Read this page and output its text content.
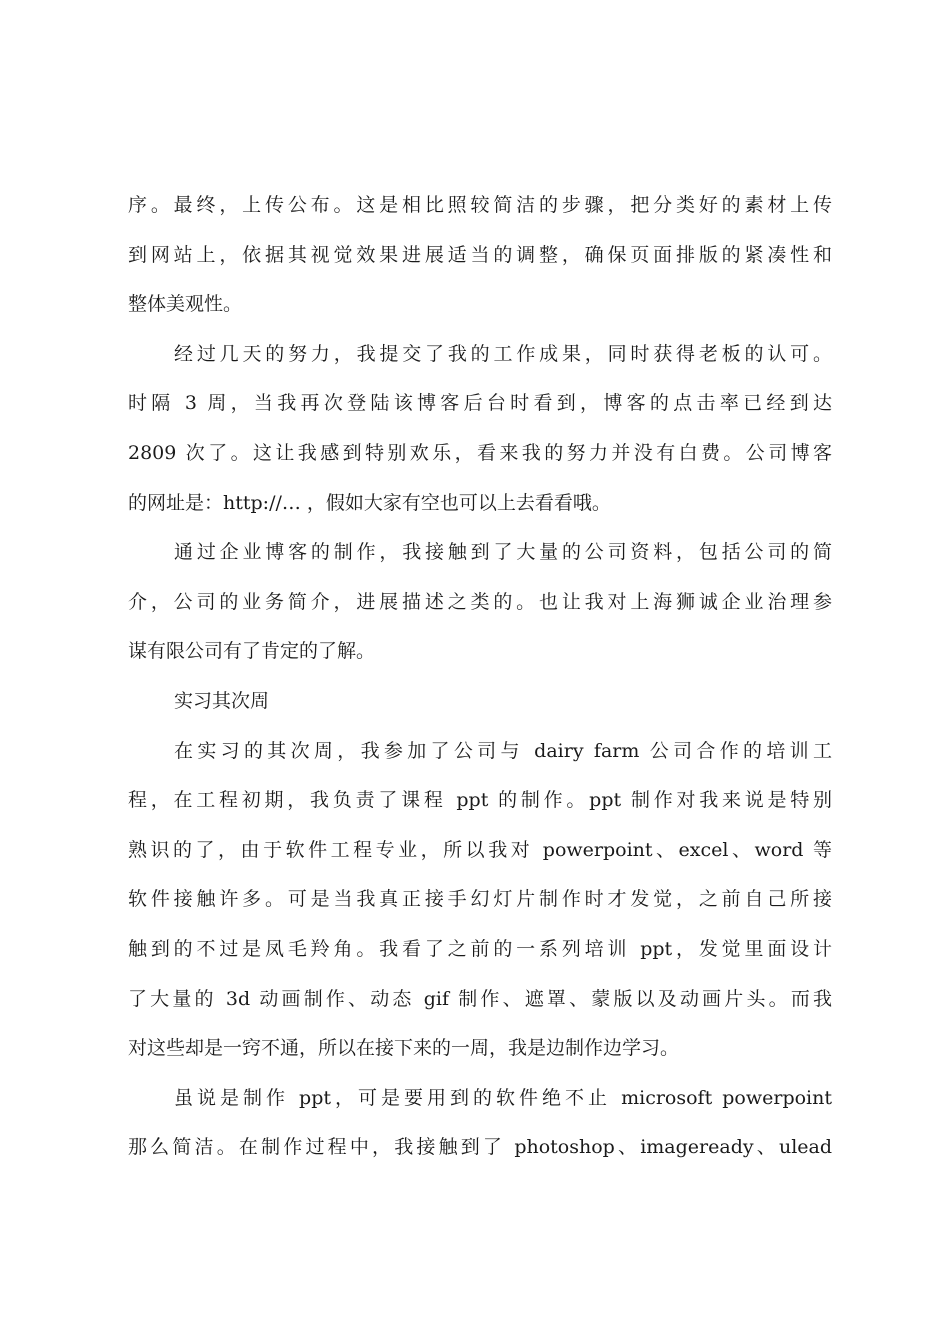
序。最终，上传公布。这是相比照较简洁的步骤，把分类好的素材上传
到网站上，依据其视觉效果进展适当的调整，确保页面排版的紧凑性和
整体美观性。
经过几天的努力，我提交了我的工作成果，同时获得老板的认可。
时隔 3 周，当我再次登陆该博客后台时看到，博客的点击率已经到达
2809 次了。这让我感到特别欢乐，看来我的努力并没有白费。公司博客
的网址是：http://… ，假如大家有空也可以上去看看哦。
通过企业博客的制作，我接触到了大量的公司资料，包括公司的简
介，公司的业务简介，进展描述之类的。也让我对上海狮诚企业治理参
谋有限公司有了肯定的了解。
实习其次周
在实习的其次周，我参加了公司与 dairy farm 公司合作的培训工
程，在工程初期，我负责了课程 ppt 的制作。ppt 制作对我来说是特别
熟识的了，由于软件工程专业，所以我对 powerpoint、excel、word 等
软件接触许多。可是当我真正接手幻灯片制作时才发觉，之前自己所接
触到的不过是凤毛羚角。我看了之前的一系列培训 ppt，发觉里面设计
了大量的 3d 动画制作、动态 gif 制作、遮罩、蒙版以及动画片头。而我
对这些却是一窍不通，所以在接下来的一周，我是边制作边学习。
虽说是制作 ppt，可是要用到的软件绝不止 microsoft powerpoint
那么简洁。在制作过程中，我接触到了 photoshop、imageready、ulead
